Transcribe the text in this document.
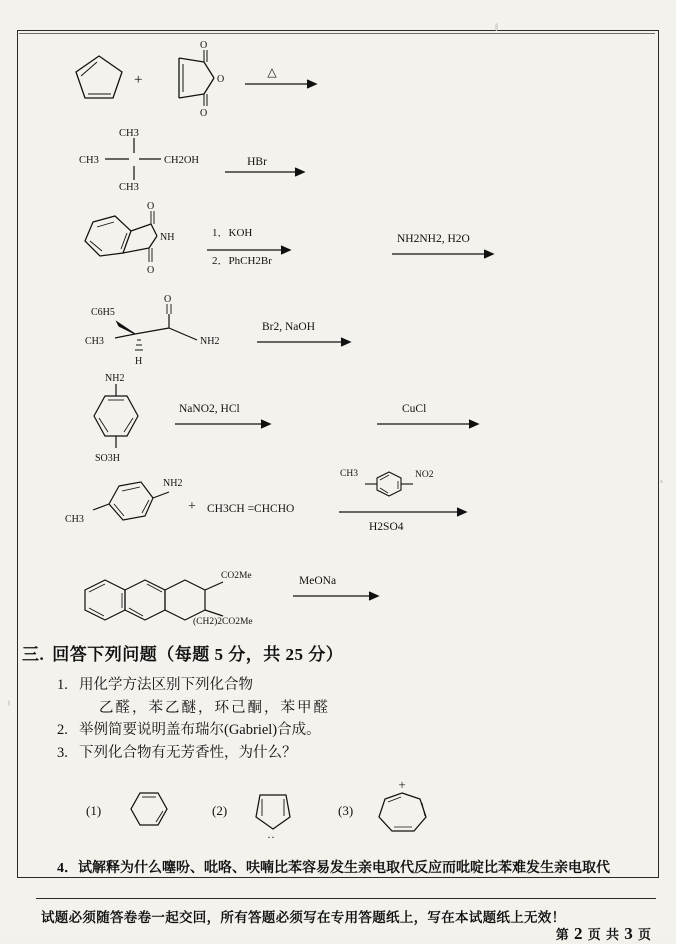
+
O
O
O
△
CH3
CH3
CH3
CH2OH	HBr
O
NH
O
1．KOH
2．PhCH2Br
NH2NH2, H2O
C6H5
CH3
H
O
NH2
Br2, NaOH
NH2
SO3H
NaNO2, HCl	CuCl
NH2
CH3
+ CH3CH =CHCHO
CH3	NO2
H2SO4
CO2Me
(CH2)2CO2Me
MeONa
三. 回答下列问题（每题 5 分，共 25 分）
1. 用化学方法区别下列化合物
乙醛，苯乙醚，环己酮，苯甲醛
2. 举例简要说明盖布瑞尔(Gabriel)合成。
3. 下列化合物有无芳香性，为什么？
(1)	(2)
··
(3)
+
4．试解释为什么噻吩、吡咯、呋喃比苯容易发生亲电取代反应而吡啶比苯难发生亲电取代
试题必须随答卷卷一起交回，所有答题必须写在专用答题纸上，写在本试题纸上无效！
第 2 页 共 3 页
